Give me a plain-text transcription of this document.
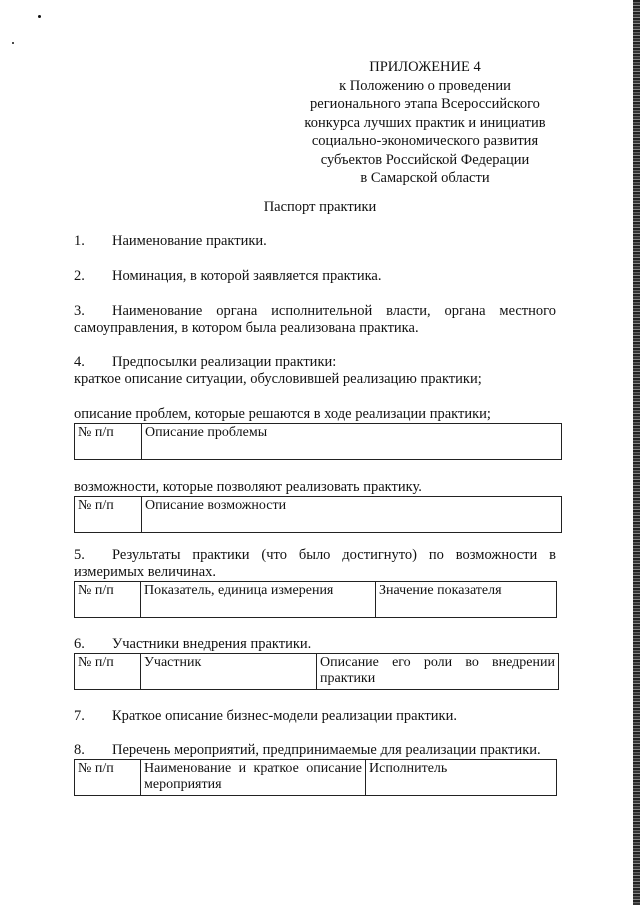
ПРИЛОЖЕНИЕ 4
к Положению о проведении
регионального этапа Всероссийского
конкурса лучших практик и инициатив
социально-экономического развития
субъектов Российской Федерации
в Самарской области
Паспорт практики
1. Наименование практики.
2. Номинация, в которой заявляется практика.
3. Наименование органа исполнительной власти, органа местного
самоуправления, в котором была реализована практика.
4. Предпосылки реализации практики:
краткое описание ситуации, обусловившей реализацию практики;
описание проблем, которые решаются в ходе реализации практики;
№ п/п	Описание проблемы
возможности, которые позволяют реализовать практику.
№ п/п	Описание возможности
5. Результаты практики (что было достигнуто) по возможности в
измеримых величинах.
№ п/п	Показатель, единица измерения	Значение показателя
6. Участники внедрения практики.
№ п/п	Участник	Описание его роли во внедрении практики
7. Краткое описание бизнес-модели реализации практики.
8. Перечень мероприятий, предпринимаемые для реализации практики.
№ п/п	Наименование и краткое описание мероприятия	Исполнитель
